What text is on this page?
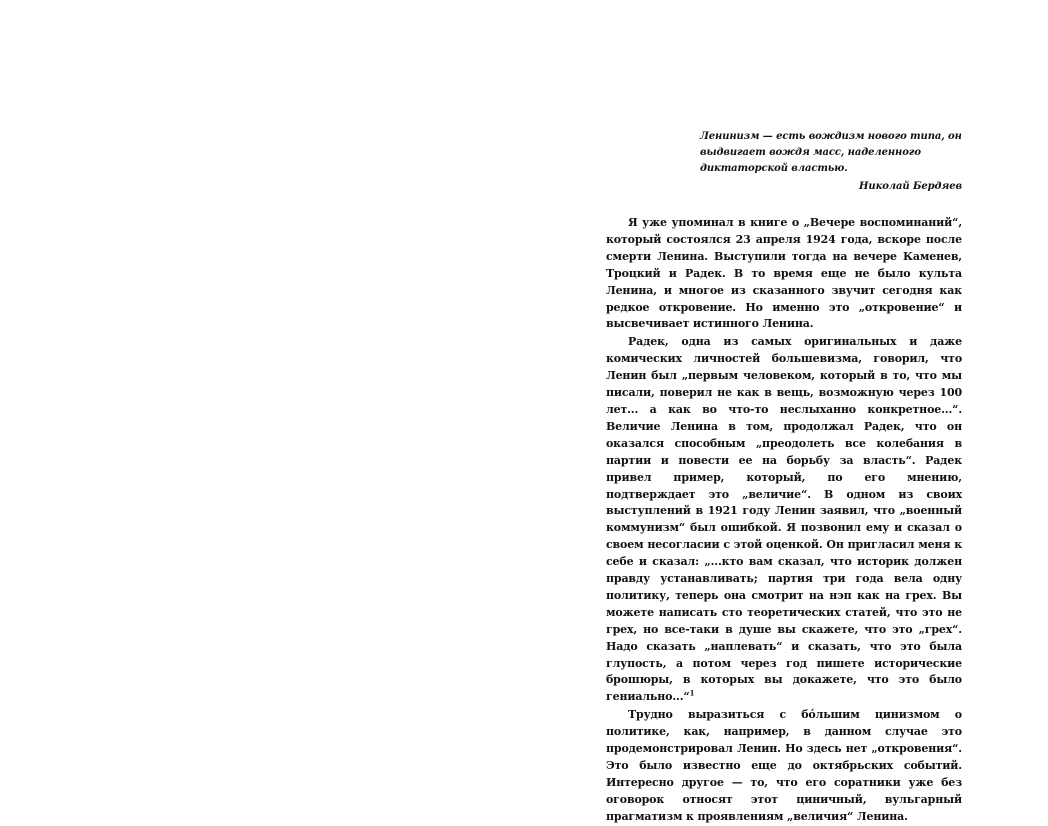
Ленинизм — есть вождизм нового типа, он выдвигает вождя масс, наделенного диктаторской властью.

Николай Бердяев

Я уже упоминал в книге о „Вечере воспоминаний“, который состоялся 23 апреля 1924 года, вскоре после смерти Ленина. Выступили тогда на вечере Каменев, Троцкий и Радек. В то время еще не было культа Ленина, и многое из сказанного звучит сегодня как редкое откровение. Но именно это „откровение“ и высвечивает истинного Ленина.

Радек, одна из самых оригинальных и даже комических личностей большевизма, говорил, что Ленин был „первым человеком, который в то, что мы писали, поверил не как в вещь, возможную через 100 лет... а как во что-то неслыханно конкретное...“. Величие Ленина в том, продолжал Радек, что он оказался способным „преодолеть все колебания в партии и повести ее на борьбу за власть“. Радек привел пример, который, по его мнению, подтверждает это „величие“. В одном из своих выступлений в 1921 году Ленин заявил, что „военный коммунизм“ был ошибкой. Я позвонил ему и сказал о своем несогласии с этой оценкой. Он пригласил меня к себе и сказал: „...кто вам сказал, что историк должен правду устанавливать; партия три года вела одну политику, теперь она смотрит на нэп как на грех. Вы можете написать сто теоретических статей, что это не грех, но все-таки в душе вы скажете, что это „грех“. Надо сказать „наплевать“ и сказать, что это была глупость, а потом через год пишете исторические брошюры, в которых вы докажете, что это было гениально...“$^1$

Трудно выразиться с бóльшим цинизмом о политике, как, например, в данном случае это продемонстрировал Ленин. Но здесь нет „откровения“. Это было известно еще до октябрьских событий. Интересно другое — то, что его соратники уже без оговорок относят этот циничный, вульгарный прагматизм к проявлениям „величия“ Ленина.
